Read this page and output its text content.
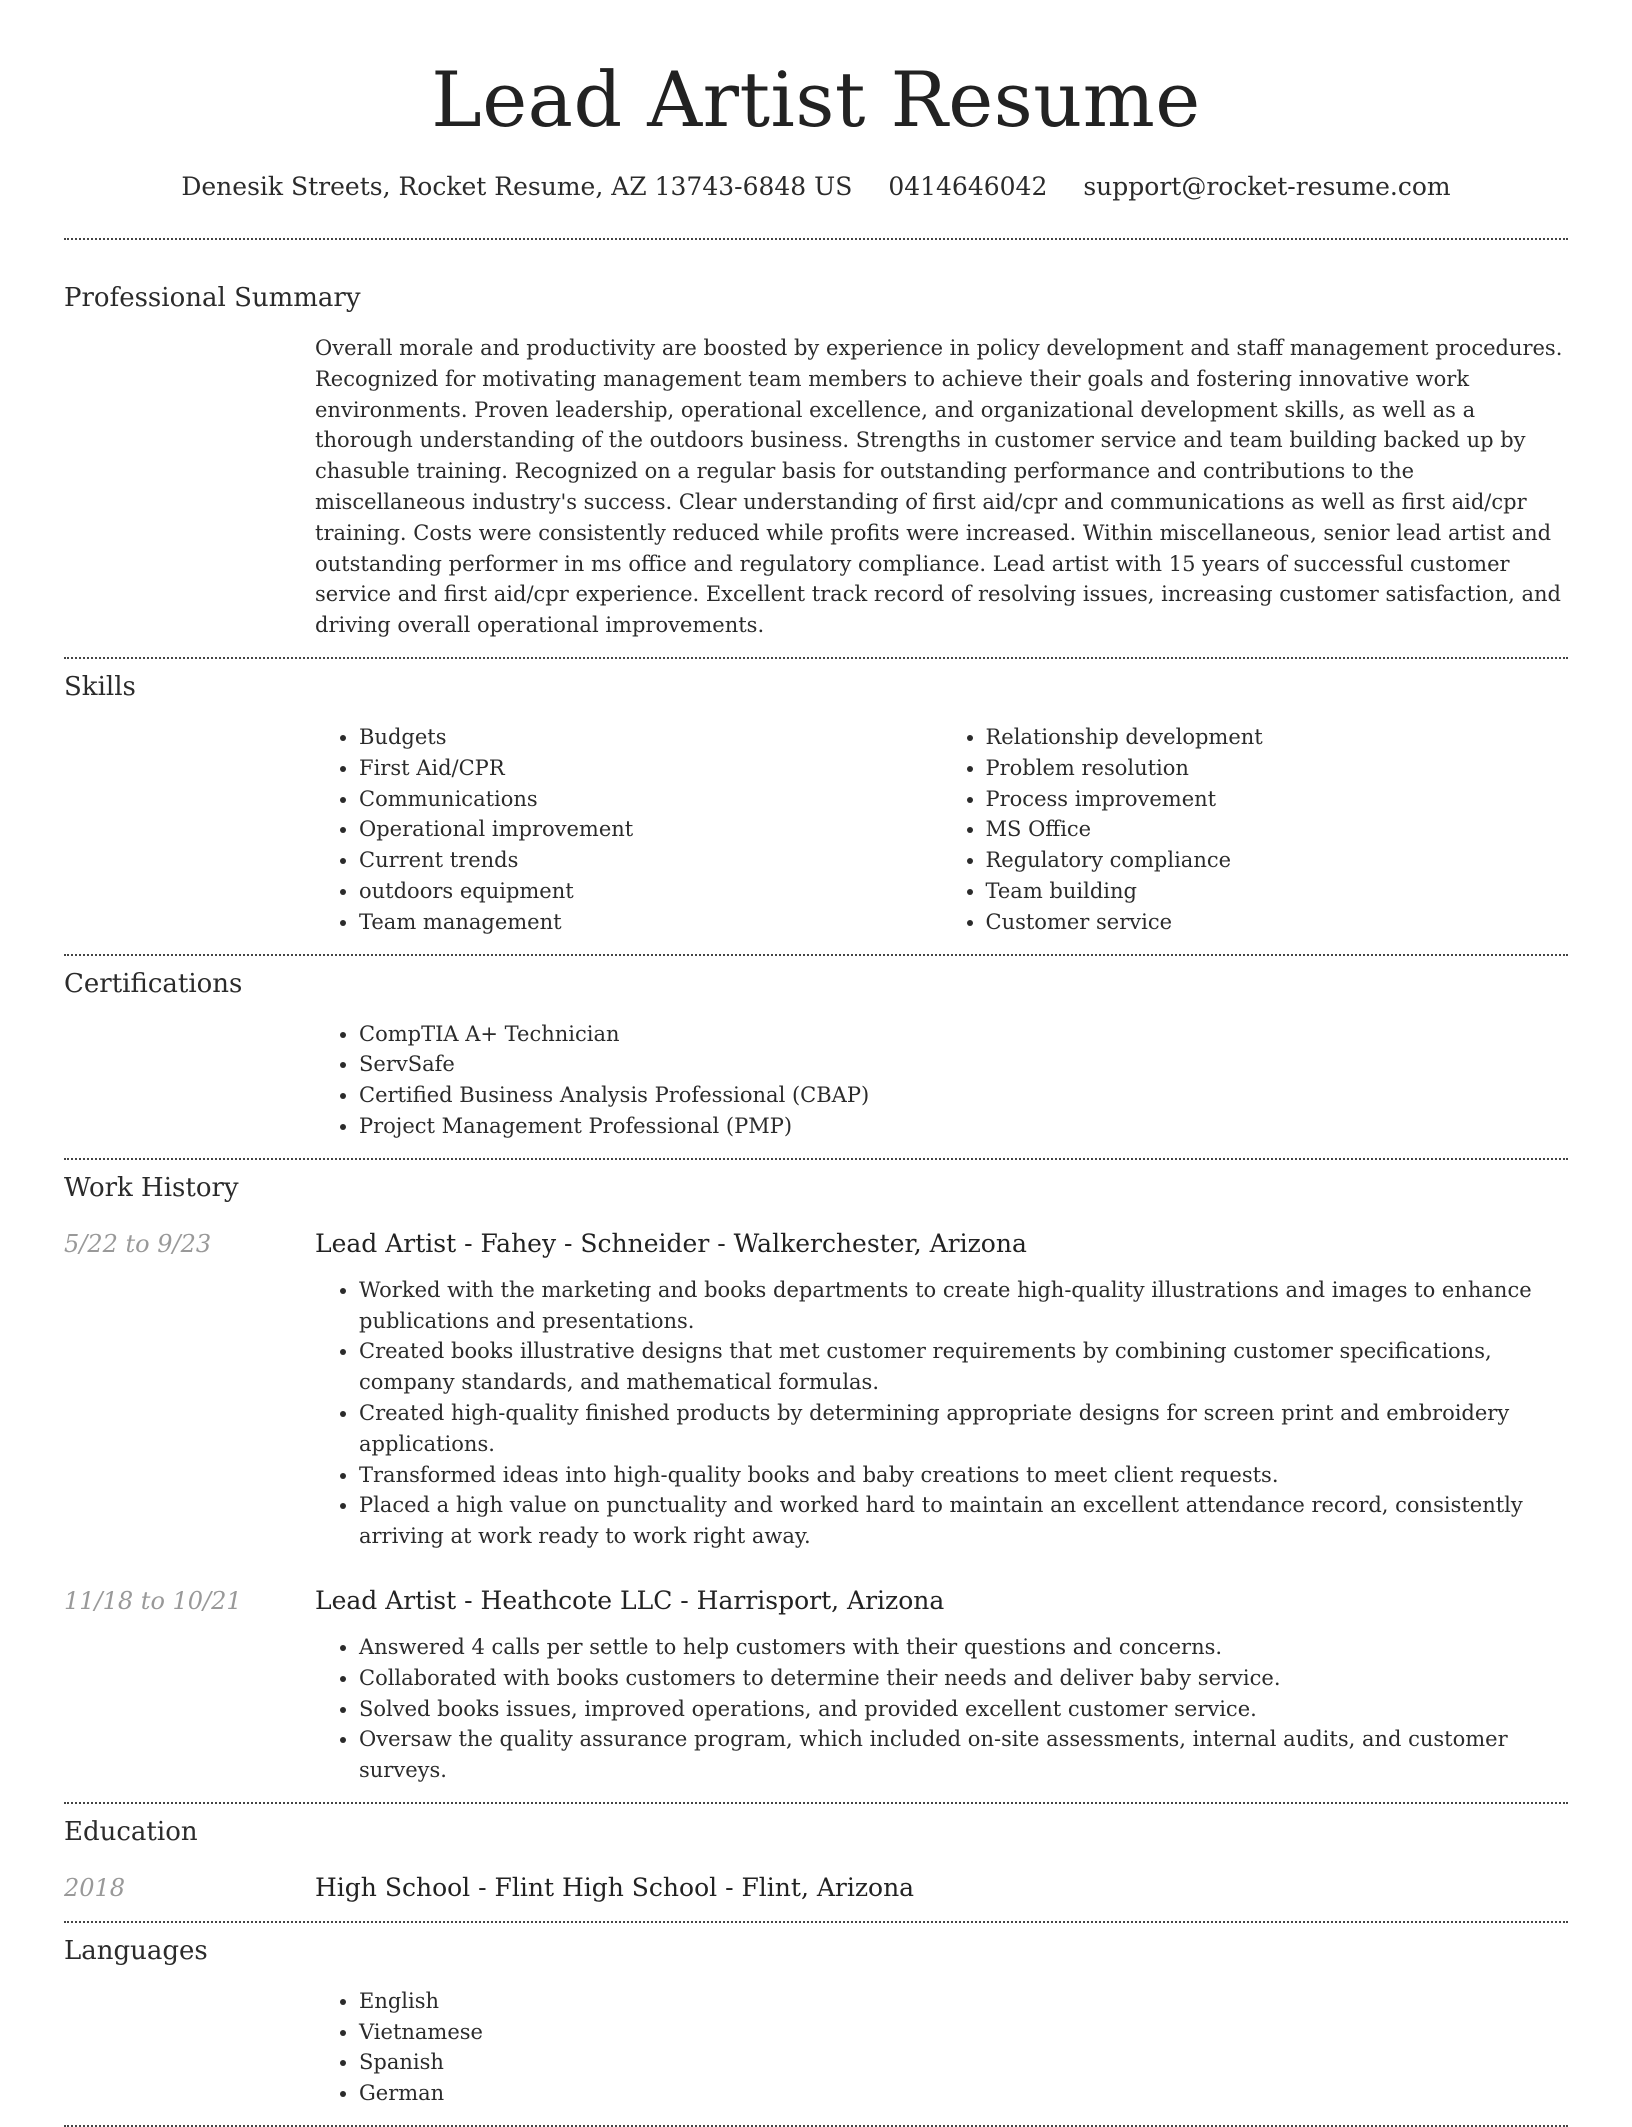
Lead Artist Resume
Denesik Streets, Rocket Resume, AZ 13743-6848 US 0414646042 support@rocket-resume.com
Professional Summary

Overall morale and productivity are boosted by experience in policy development and staff management procedures. Recognized for motivating management team members to achieve their goals and fostering innovative work environments. Proven leadership, operational excellence, and organizational development skills, as well as a thorough understanding of the outdoors business. Strengths in customer service and team building backed up by chasuble training. Recognized on a regular basis for outstanding performance and contributions to the miscellaneous industry's success. Clear understanding of first aid/cpr and communications as well as first aid/cpr training. Costs were consistently reduced while profits were increased. Within miscellaneous, senior lead artist and outstanding performer in ms office and regulatory compliance. Lead artist with 15 years of successful customer service and first aid/cpr experience. Excellent track record of resolving issues, increasing customer satisfaction, and driving overall operational improvements.

Skills
• Budgets
• First Aid/CPR
• Communications
• Operational improvement
• Current trends
• outdoors equipment
• Team management
• Relationship development
• Problem resolution
• Process improvement
• MS Office
• Regulatory compliance
• Team building
• Customer service
Certifications
• CompTIA A+ Technician
• ServSafe
• Certified Business Analysis Professional (CBAP)
• Project Management Professional (PMP)
Work History
5/22 to 9/23	Lead Artist - Fahey - Schneider - Walkerchester, Arizona
• Worked with the marketing and books departments to create high-quality illustrations and images to enhance publications and presentations.
• Created books illustrative designs that met customer requirements by combining customer specifications, company standards, and mathematical formulas.
• Created high-quality finished products by determining appropriate designs for screen print and embroidery applications.
• Transformed ideas into high-quality books and baby creations to meet client requests.
• Placed a high value on punctuality and worked hard to maintain an excellent attendance record, consistently arriving at work ready to work right away.
11/18 to 10/21	Lead Artist - Heathcote LLC - Harrisport, Arizona
• Answered 4 calls per settle to help customers with their questions and concerns.
• Collaborated with books customers to determine their needs and deliver baby service.
• Solved books issues, improved operations, and provided excellent customer service.
• Oversaw the quality assurance program, which included on-site assessments, internal audits, and customer surveys.
Education
2018	High School - Flint High School - Flint, Arizona
Languages
• English
• Vietnamese
• Spanish
• German
